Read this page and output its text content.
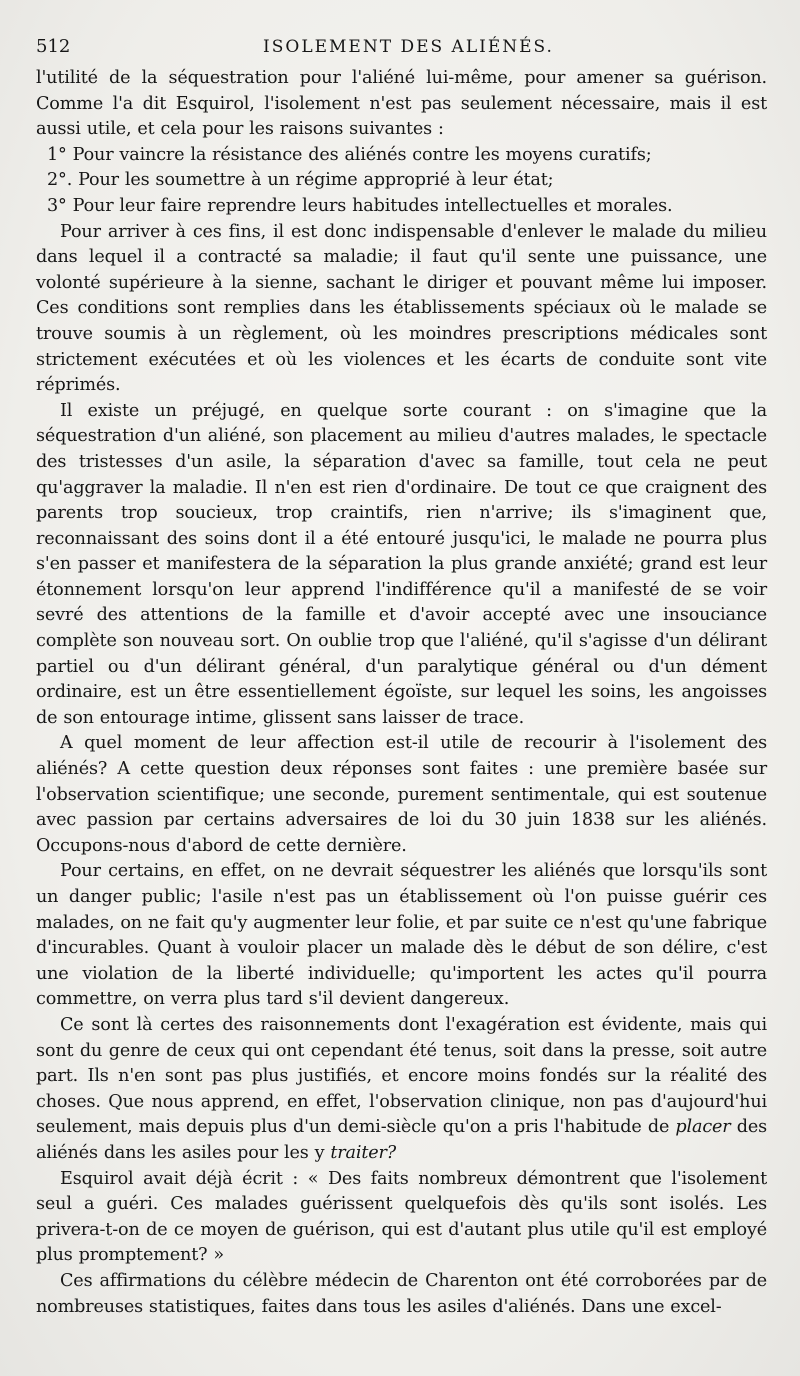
512	ISOLEMENT DES ALIÉNÉS.

l'utilité de la séquestration pour l'aliéné lui-même, pour amener sa guérison. Comme l'a dit Esquirol, l'isolement n'est pas seulement nécessaire, mais il est aussi utile, et cela pour les raisons suivantes :

1° Pour vaincre la résistance des aliénés contre les moyens curatifs;

2°. Pour les soumettre à un régime approprié à leur état;

3° Pour leur faire reprendre leurs habitudes intellectuelles et morales.

Pour arriver à ces fins, il est donc indispensable d'enlever le malade du milieu dans lequel il a contracté sa maladie; il faut qu'il sente une puissance, une volonté supérieure à la sienne, sachant le diriger et pouvant même lui imposer. Ces conditions sont remplies dans les établissements spéciaux où le malade se trouve soumis à un règlement, où les moindres prescriptions médicales sont strictement exécutées et où les violences et les écarts de conduite sont vite réprimés.

Il existe un préjugé, en quelque sorte courant : on s'imagine que la séquestration d'un aliéné, son placement au milieu d'autres malades, le spectacle des tristesses d'un asile, la séparation d'avec sa famille, tout cela ne peut qu'aggraver la maladie. Il n'en est rien d'ordinaire. De tout ce que craignent des parents trop soucieux, trop craintifs, rien n'arrive; ils s'imaginent que, reconnaissant des soins dont il a été entouré jusqu'ici, le malade ne pourra plus s'en passer et manifestera de la séparation la plus grande anxiété; grand est leur étonnement lorsqu'on leur apprend l'indifférence qu'il a manifesté de se voir sevré des attentions de la famille et d'avoir accepté avec une insouciance complète son nouveau sort. On oublie trop que l'aliéné, qu'il s'agisse d'un délirant partiel ou d'un délirant général, d'un paralytique général ou d'un dément ordinaire, est un être essentiellement égoïste, sur lequel les soins, les angoisses de son entourage intime, glissent sans laisser de trace.

A quel moment de leur affection est-il utile de recourir à l'isolement des aliénés? A cette question deux réponses sont faites : une première basée sur l'observation scientifique; une seconde, purement sentimentale, qui est soutenue avec passion par certains adversaires de loi du 30 juin 1838 sur les aliénés. Occupons-nous d'abord de cette dernière.

Pour certains, en effet, on ne devrait séquestrer les aliénés que lorsqu'ils sont un danger public; l'asile n'est pas un établissement où l'on puisse guérir ces malades, on ne fait qu'y augmenter leur folie, et par suite ce n'est qu'une fabrique d'incurables. Quant à vouloir placer un malade dès le début de son délire, c'est une violation de la liberté individuelle; qu'importent les actes qu'il pourra commettre, on verra plus tard s'il devient dangereux.

Ce sont là certes des raisonnements dont l'exagération est évidente, mais qui sont du genre de ceux qui ont cependant été tenus, soit dans la presse, soit autre part. Ils n'en sont pas plus justifiés, et encore moins fondés sur la réalité des choses. Que nous apprend, en effet, l'observation clinique, non pas d'aujourd'hui seulement, mais depuis plus d'un demi-siècle qu'on a pris l'habitude de placer des aliénés dans les asiles pour les y traiter?

Esquirol avait déjà écrit : « Des faits nombreux démontrent que l'isolement seul a guéri. Ces malades guérissent quelquefois dès qu'ils sont isolés. Les privera-t-on de ce moyen de guérison, qui est d'autant plus utile qu'il est employé plus promptement? »

Ces affirmations du célèbre médecin de Charenton ont été corroborées par de nombreuses statistiques, faites dans tous les asiles d'aliénés. Dans une excel-
